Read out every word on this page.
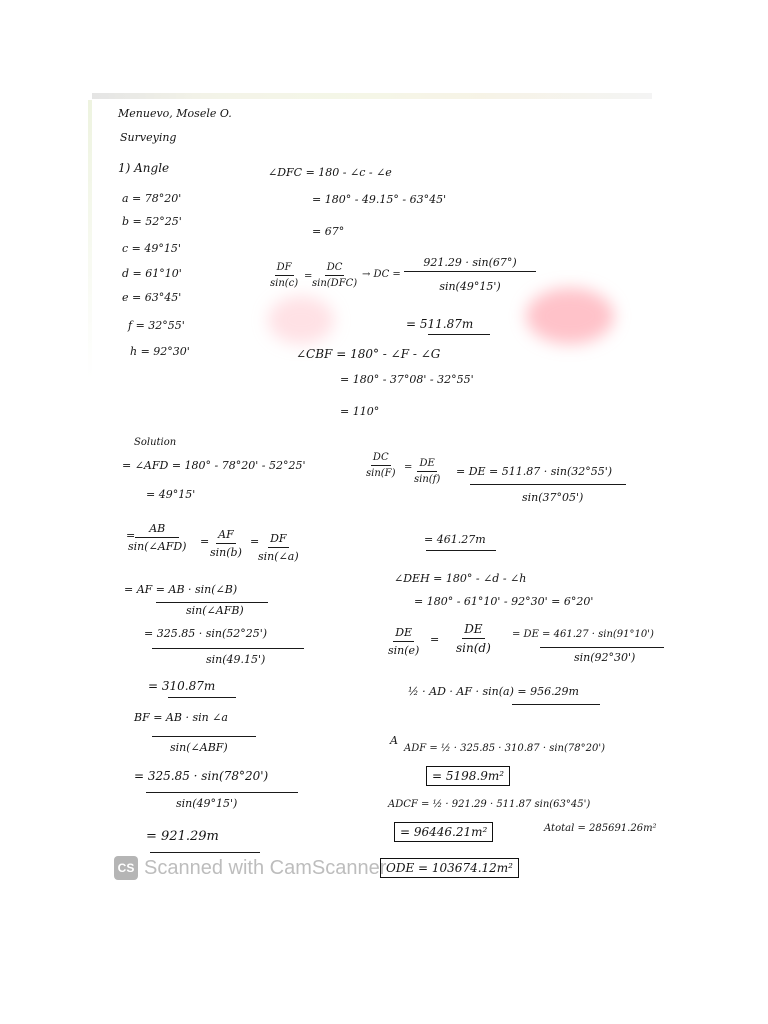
Menuevo, Mosele O.
Surveying
1) Angle
a = 78°20'
b = 52°25'
c = 49°15'
d = 61°10'
e = 63°45'
f = 32°55'
h = 92°30'
∠DFC = 180 - ∠c - ∠e
= 180° - 49.15° - 63°45'
= 67°
$\frac{DF}{\sin(c)}$ =
DC
sin(DFC)
→ DC = $\frac{921.29 \cdot \sin(67^\circ)}{\sin(49^\circ 15')}$
= 511.87m
∠CBF = 180° - ∠F - ∠G
= 180° - 37°08' - 32°55'
= 110°
Solution
= ∠AFD = 180° - 78°20' - 52°25'
= 49°15'
$\frac{DC}{\sin(F)} = \frac{DE}{\sin(f)}$ = DE = 511.87 · sin(32°55')
sin(37°05')
=
AB
sin(∠AFD) = $\frac{AF}{\sin(b)}$ =
$\frac{DF}{\sin(\angle a)}$	= 461.27m
∠DEH = 180° - ∠d - ∠h
= 180° - 61°10' - 92°30' = 6°20'
= AF = AB · sin(∠B)
sin(∠AFB)
$\frac{DE}{\sin(e)} = \frac{DE}{\sin(d)}$ = DE = 461.27 · sin(91°10')
sin(92°30')
= 325.85 · sin(52°25')
sin(49.15')
= 310.87m	½ · AD · AF · sin(a) = 956.29m
BF = AB · sin ∠a
sin(∠ABF)
A
ADF = ½ · 325.85 · 310.87 · sin(78°20')
= 5198.9m²
= 325.85 · sin(78°20')
sin(49°15')	ADCF = ½ · 921.29 · 511.87 sin(63°45')
= 96446.21m²	Atotal = 285691.26m²
= 921.29m
ODE = 103674.12m²
CS Scanned with CamScanner
